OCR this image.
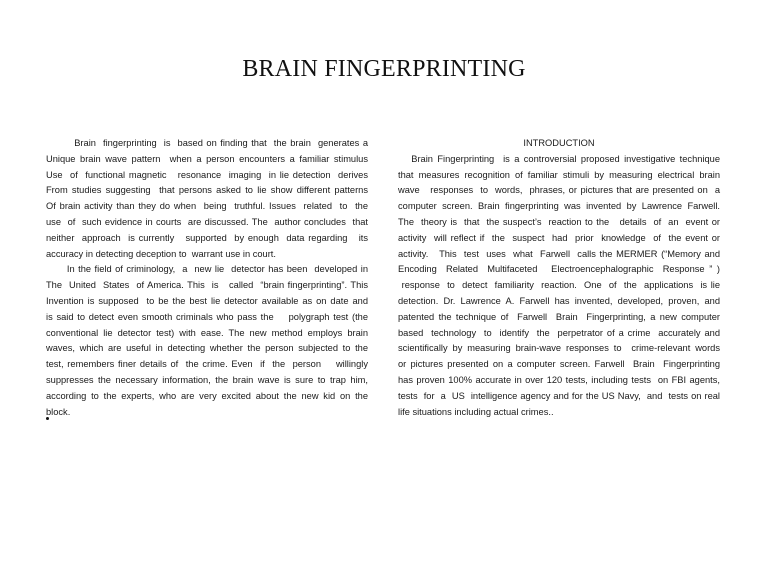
BRAIN FINGERPRINTING
Brain  fingerprinting  is  based on finding that  the brain  generates a
Unique brain wave pattern  when a person encounters a familiar stimulus
Use  of  functional magnetic   resonance  imaging  in lie detection  derives
From studies suggesting  that persons asked to lie show different patterns
Of brain activity than they do when  being  truthful. Issues  related  to  the
use  of  such evidence in courts  are discussed. The  author concludes  that
neither  approach  is currently   supported  by enough  data regarding   its
accuracy in detecting deception to  warrant use in court.
In the field of criminology,  a  new lie  detector has been  developed in
The  United  States  of America. This  is   called  “brain fingerprinting”. This
Invention is supposed  to be the best lie detector available as on date and
is said to detect even smooth criminals who pass the    polygraph test (the
conventional lie detector test) with ease. The new method employs brain
waves, which are useful in detecting whether the person subjected to the
test, remembers finer details of  the crime. Even  if  the  person    willingly
suppresses the necessary information, the brain wave is sure to trap him,
according to the experts, who are very excited about the new kid on the
block.
INTRODUCTION
Brain Fingerprinting  is a controversial proposed investigative technique
that measures recognition of familiar stimuli by measuring electrical brain
wave   responses  to  words,  phrases, or pictures that are presented on  a
computer screen. Brain fingerprinting was invented by Lawrence Farwell.
The  theory is  that  the suspect’s  reaction to the   details  of  an  event or
activity  will reflect if  the  suspect  had  prior  knowledge  of  the event or
activity.   This  test  uses  what  Farwell  calls the MERMER (“Memory and
Encoding  Related  Multifaceted   Electroencephalographic  Response ” )
response  to  detect  familiarity  reaction.  One  of  the  applications  is lie
detection. Dr. Lawrence A. Farwell has invented, developed, proven, and
patented the technique of  Farwell  Brain  Fingerprinting, a new computer
based  technology  to  identify  the  perpetrator of a crime  accurately and
scientifically by measuring brain-wave responses to  crime-relevant words
or pictures presented on a computer screen. Farwell  Brain  Fingerprinting
has proven 100% accurate in over 120 tests, including tests  on FBI agents,
tests  for  a  US  intelligence agency and for the US Navy,  and  tests on real
life situations including actual crimes..
